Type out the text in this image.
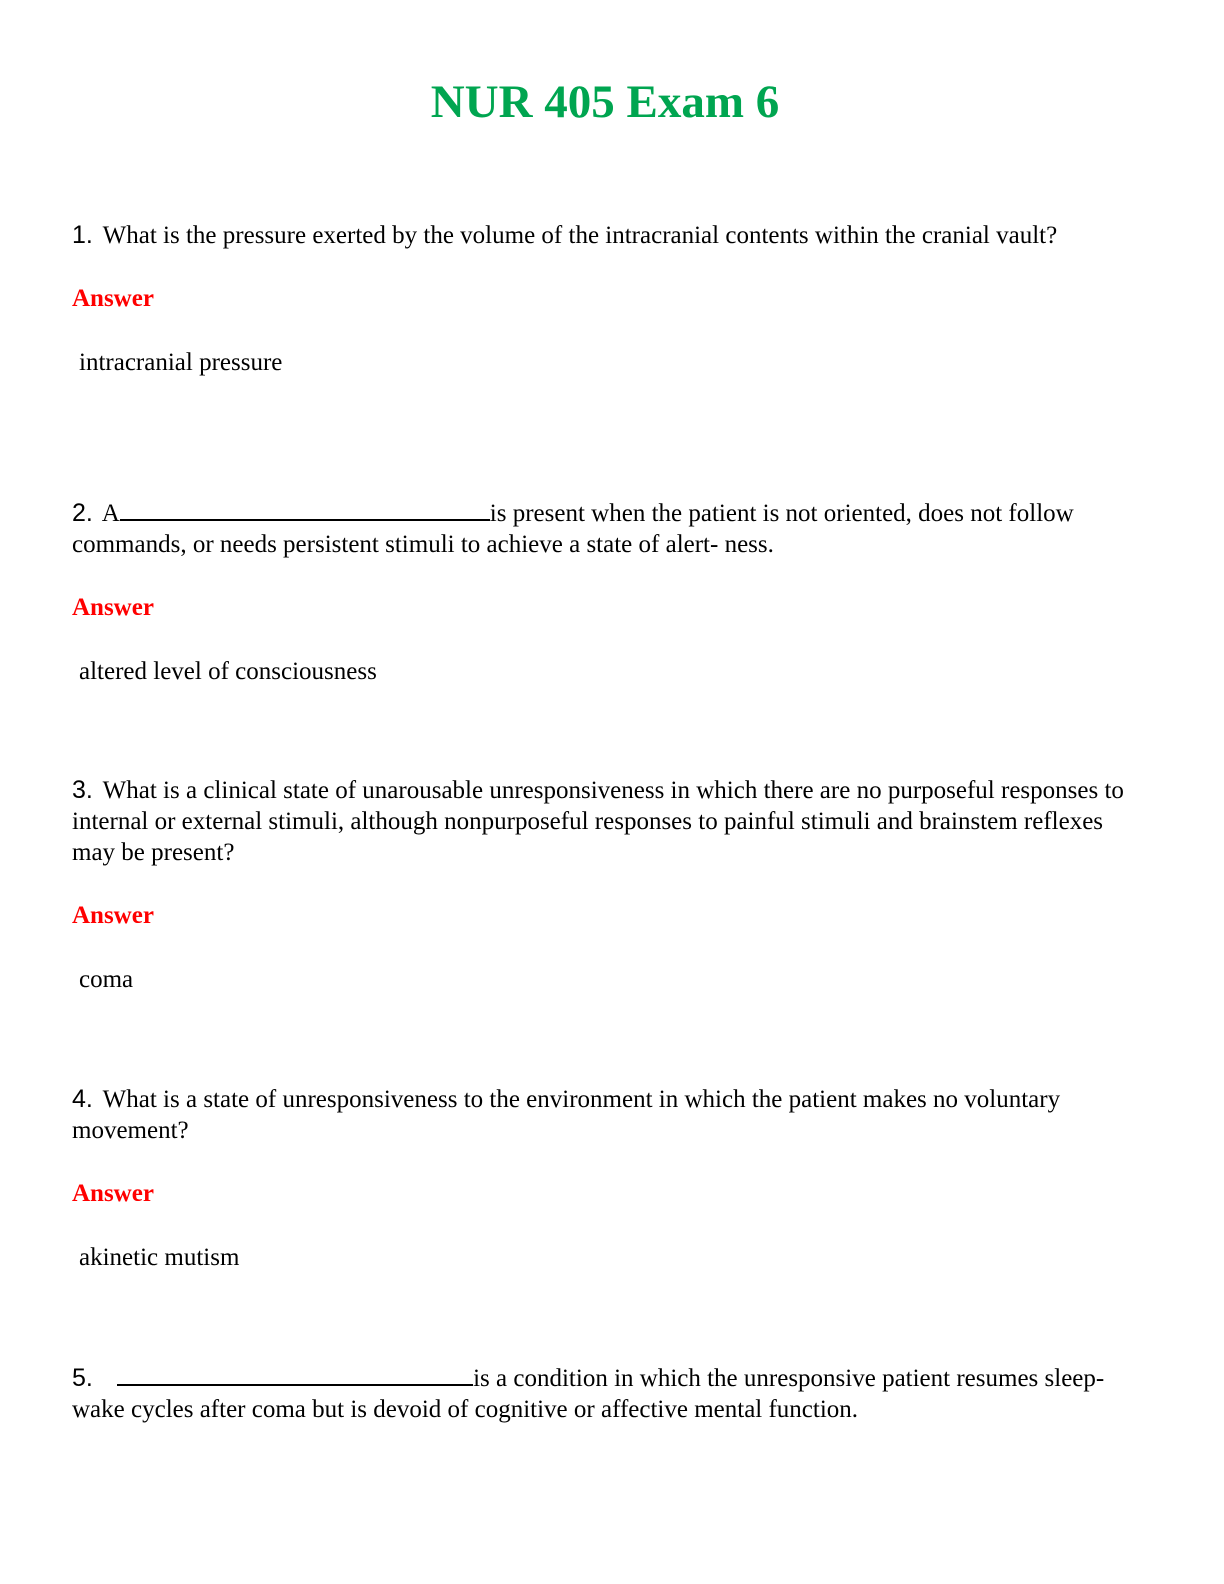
NUR 405 Exam 6

1. What is the pressure exerted by the volume of the intracranial contents within the cranial vault?

Answer
intracranial pressure

2. A	is present when the patient is not oriented, does not follow commands, or needs persistent stimuli to achieve a state of alert- ness.

Answer
altered level of consciousness

3. What is a clinical state of unarousable unresponsiveness in which there are no purposeful responses to internal or external stimuli, although nonpurposeful responses to painful stimuli and brainstem reflexes may be present?

Answer
coma

4. What is a state of unresponsiveness to the environment in which the patient makes no voluntary movement?

Answer
akinetic mutism

5.	is a condition in which the unresponsive patient resumes sleep-wake cycles after coma but is devoid of cognitive or affective mental function.
